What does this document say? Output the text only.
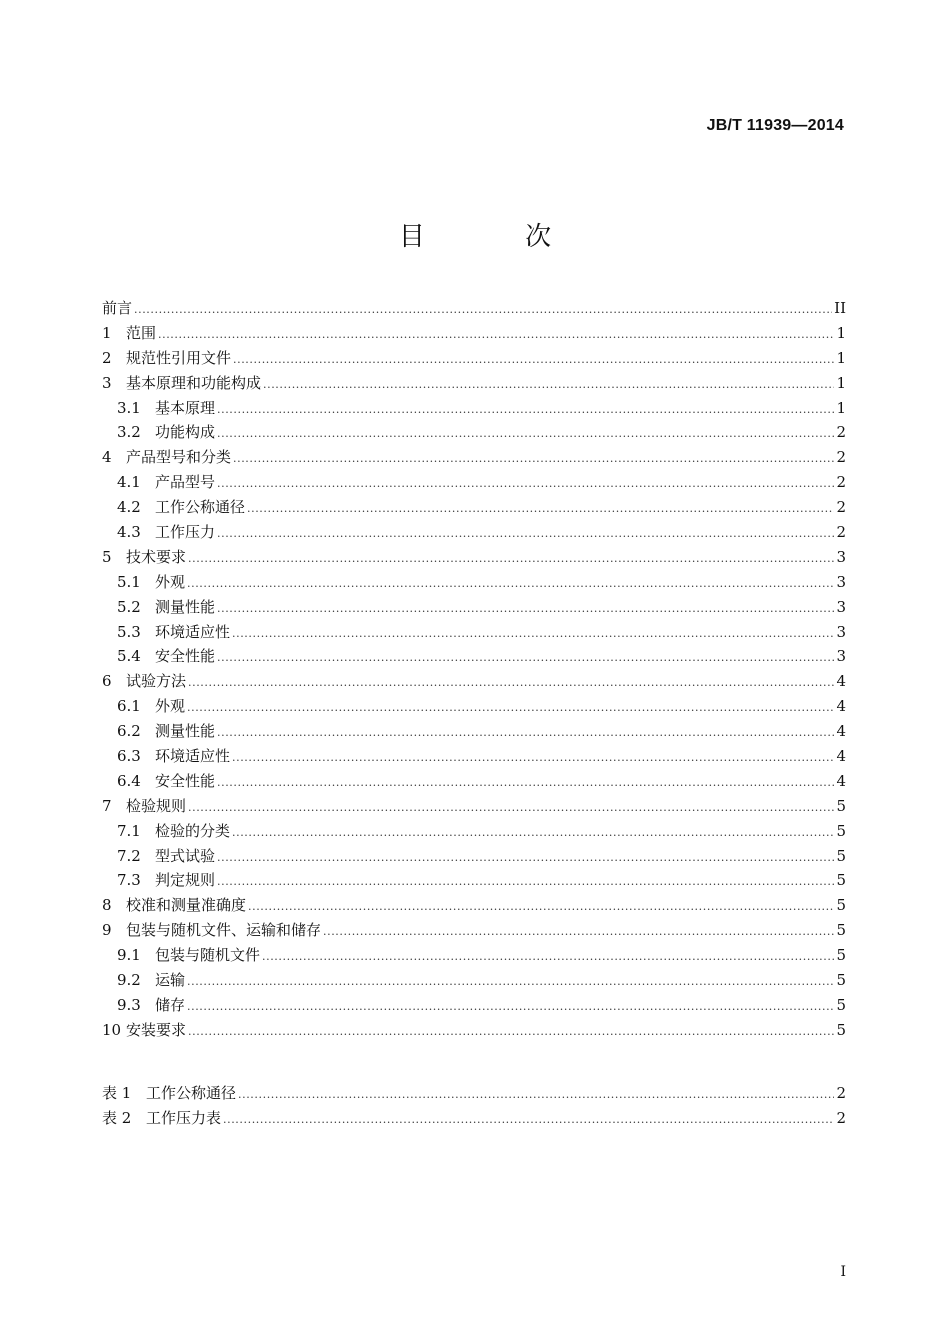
JB/T 11939—2014
目 次
前言 .....	II
1 范围 .....	1
2 规范性引用文件 .....	1
3 基本原理和功能构成 .....	1
3.1 基本原理 .....	1
3.2 功能构成 .....	2
4 产品型号和分类 .....	2
4.1 产品型号 .....	2
4.2 工作公称通径 .....	2
4.3 工作压力 .....	2
5 技术要求 .....	3
5.1 外观 .....	3
5.2 测量性能 .....	3
5.3 环境适应性 .....	3
5.4 安全性能 .....	3
6 试验方法 .....	4
6.1 外观 .....	4
6.2 测量性能 .....	4
6.3 环境适应性 .....	4
6.4 安全性能 .....	4
7 检验规则 .....	5
7.1 检验的分类 .....	5
7.2 型式试验 .....	5
7.3 判定规则 .....	5
8 校准和测量准确度 .....	5
9 包装与随机文件、运输和储存 .....	5
9.1 包装与随机文件 .....	5
9.2 运输 .....	5
9.3 储存 .....	5
10 安装要求 .....	5
表 1 工作公称通径 .....	2
表 2 工作压力表 .....	2
I
